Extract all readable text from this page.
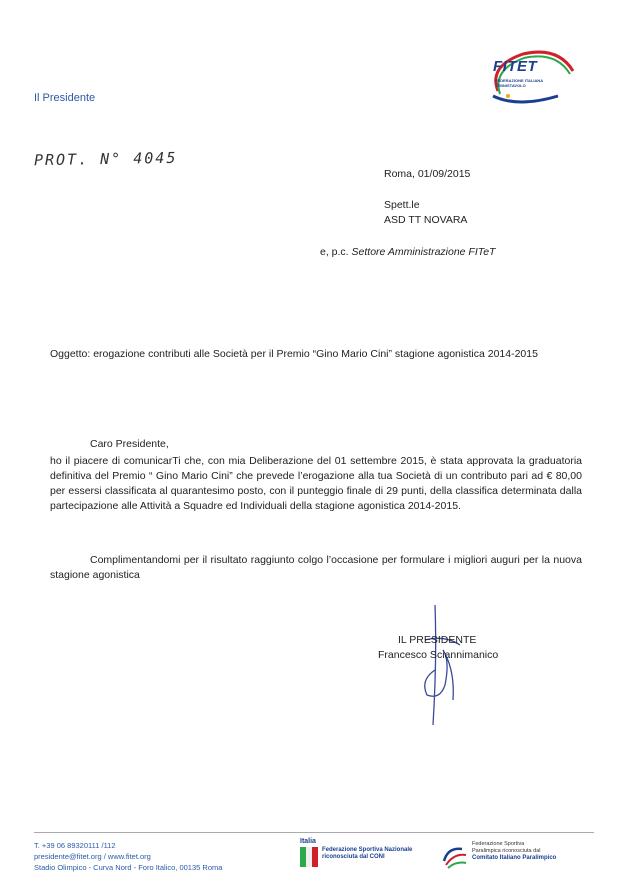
FITET
FEDERAZIONE ITALIANA TENNISTAVOLO
Il Presidente
PROT. N° 4045
Roma, 01/09/2015
Spett.le
ASD TT NOVARA
e, p.c. Settore Amministrazione FITeT
Oggetto: erogazione contributi alle Società per il Premio “Gino Mario Cini” stagione agonistica 2014-2015
Caro Presidente,
ho il piacere di comunicarTi che, con mia Deliberazione del 01 settembre 2015, è stata approvata la graduatoria definitiva del Premio “ Gino Mario Cini” che prevede l’erogazione alla tua Società di un contributo pari ad € 80,00 per essersi classificata al quarantesimo posto, con il punteggio finale di 29 punti, della classifica determinata dalla partecipazione alle Attività a Squadre ed Individuali della stagione agonistica 2014-2015.
Complimentandomi per il risultato raggiunto colgo l’occasione per formulare i migliori auguri per la nuova stagione agonistica
IL PRESIDENTE
Francesco Sciannimanico
T. +39 06 89320111 /112
presidente@fitet.org / www.fitet.org
Stadio Olimpico - Curva Nord - Foro Italico, 00135 Roma
Italia
Federazione Sportiva Nazionale
riconosciuta dal CONI
Federazione Sportiva
Paralimpica riconosciuta dal
Comitato Italiano Paralimpico
